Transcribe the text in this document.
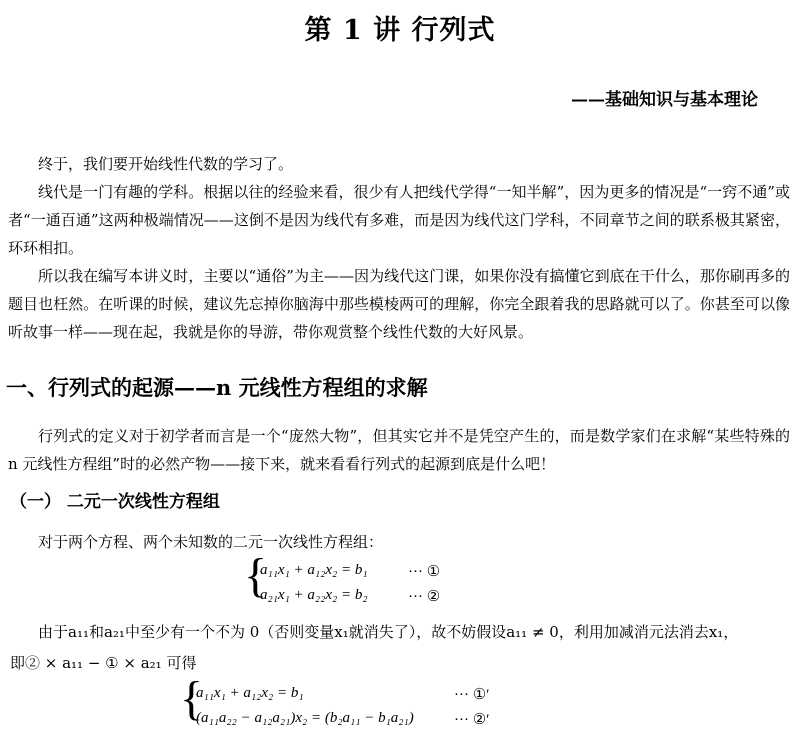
第 1 讲 行列式
——基础知识与基本理论

终于，我们要开始线性代数的学习了。

线代是一门有趣的学科。根据以往的经验来看，很少有人把线代学得“一知半解”，因为更多的情况是“一窍不通”或者“一通百通”这两种极端情况——这倒不是因为线代有多难，而是因为线代这门学科，不同章节之间的联系极其紧密，环环相扣。

所以我在编写本讲义时，主要以“通俗”为主——因为线代这门课，如果你没有搞懂它到底在干什么，那你刷再多的题目也枉然。在听课的时候，建议先忘掉你脑海中那些模棱两可的理解，你完全跟着我的思路就可以了。你甚至可以像听故事一样——现在起，我就是你的导游，带你观赏整个线性代数的大好风景。

一、行列式的起源——n 元线性方程组的求解

行列式的定义对于初学者而言是一个“庞然大物”，但其实它并不是凭空产生的，而是数学家们在求解“某些特殊的 n 元线性方程组”时的必然产物——接下来，就来看看行列式的起源到底是什么吧！

（一） 二元一次线性方程组
对于两个方程、两个未知数的二元一次线性方程组：
{
a₁₁x₁ + a₁₂x₂ = b₁	··· ①
a₂₁x₁ + a₂₂x₂ = b₂	··· ②
由于a₁₁和a₂₁中至少有一个不为 0（否则变量x₁就消失了），故不妨假设a₁₁ ≠ 0，利用加减消元法消去x₁，
即② × a₁₁ − ① × a₂₁ 可得
{
a₁₁x₁ + a₁₂x₂ = b₁	··· ①′
(a₁₁a₂₂ − a₁₂a₂₁)x₂ = (b₂a₁₁ − b₁a₂₁)	··· ②′
